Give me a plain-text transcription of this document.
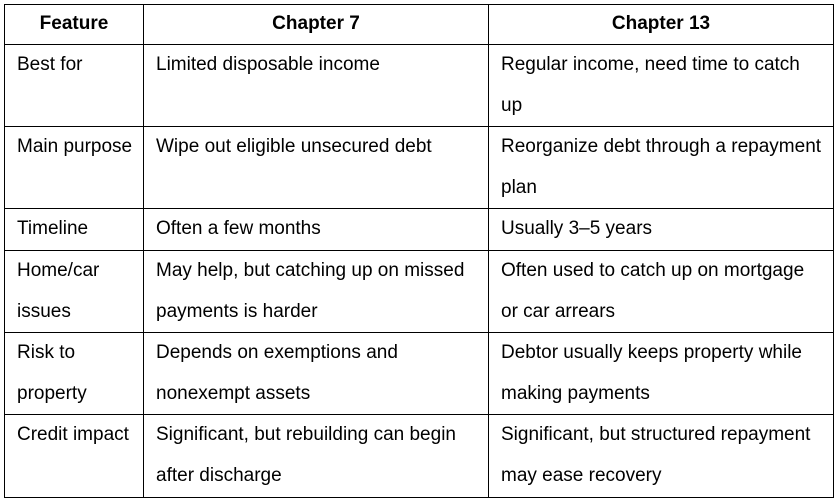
Feature	Chapter 7	Chapter 13
Best for	Limited disposable income	Regular income, need time to catch up
Main purpose	Wipe out eligible unsecured debt	Reorganize debt through a repayment plan
Timeline	Often a few months	Usually 3–5 years
Home/car issues	May help, but catching up on missed payments is harder	Often used to catch up on mortgage or car arrears
Risk to property	Depends on exemptions and nonexempt assets	Debtor usually keeps property while making payments
Credit impact	Significant, but rebuilding can begin after discharge	Significant, but structured repayment may ease recovery
